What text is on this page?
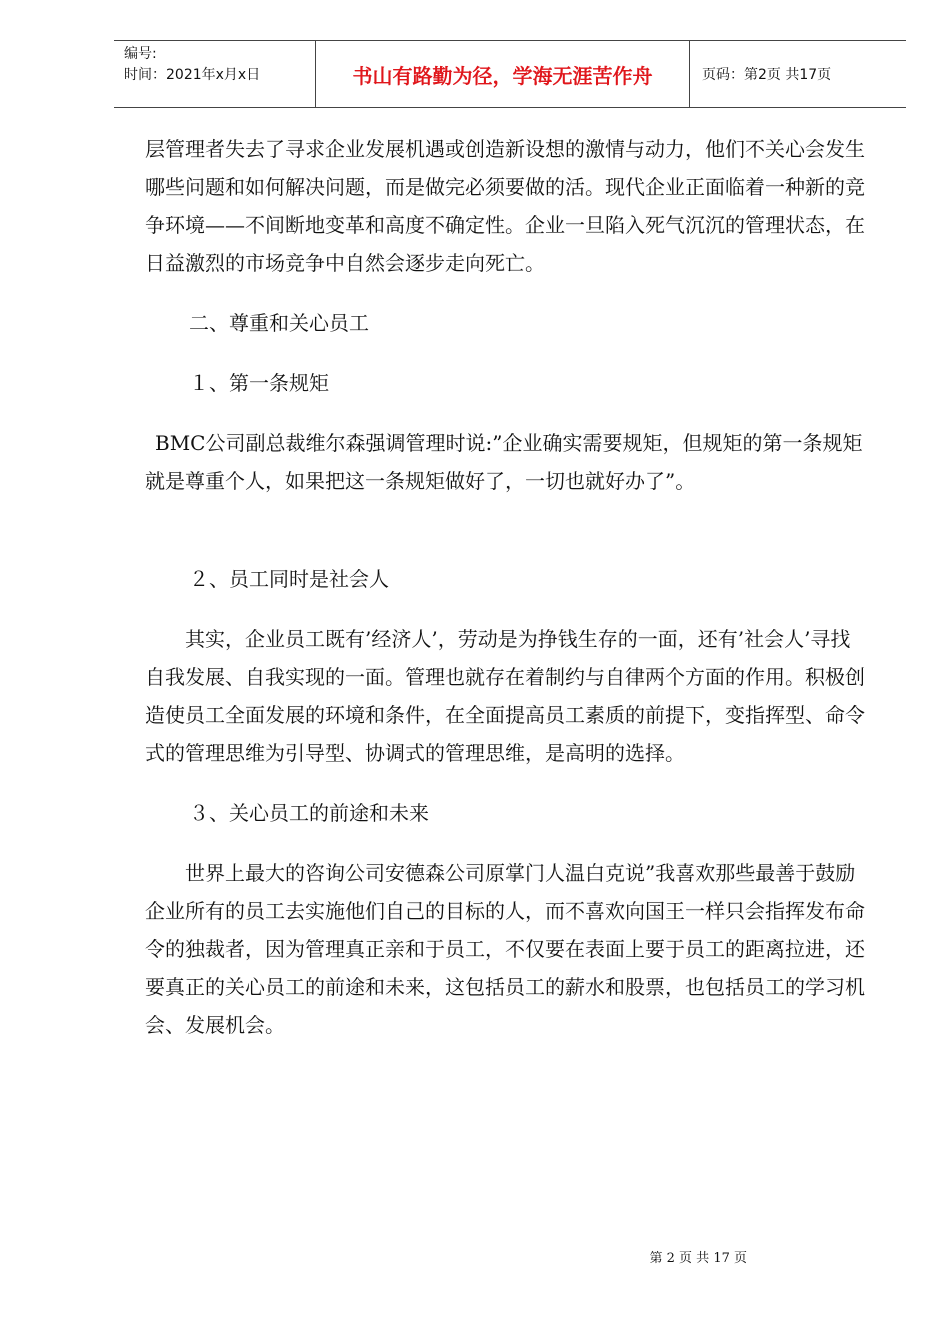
编号:
时间：2021年x月x日	书山有路勤为径，学海无涯苦作舟	页码：第2页 共17页

层管理者失去了寻求企业发展机遇或创造新设想的激情与动力，他们不关心会发生哪些问题和如何解决问题，而是做完必须要做的活。现代企业正面临着一种新的竞争环境——不间断地变革和高度不确定性。企业一旦陷入死气沉沉的管理状态，在日益激烈的市场竞争中自然会逐步走向死亡。

二、尊重和关心员工

１、第一条规矩

BMC公司副总裁维尔森强调管理时说:”企业确实需要规矩，但规矩的第一条规矩就是尊重个人，如果把这一条规矩做好了，一切也就好办了”。

２、员工同时是社会人

其实，企业员工既有’经济人’，劳动是为挣钱生存的一面，还有’社会人’寻找自我发展、自我实现的一面。管理也就存在着制约与自律两个方面的作用。积极创造使员工全面发展的环境和条件，在全面提高员工素质的前提下，变指挥型、命令式的管理思维为引导型、协调式的管理思维，是高明的选择。

３、关心员工的前途和未来

世界上最大的咨询公司安德森公司原掌门人温白克说”我喜欢那些最善于鼓励企业所有的员工去实施他们自己的目标的人，而不喜欢向国王一样只会指挥发布命令的独裁者，因为管理真正亲和于员工，不仅要在表面上要于员工的距离拉进，还要真正的关心员工的前途和未来，这包括员工的薪水和股票，也包括员工的学习机会、发展机会。

第 2 页 共 17 页
